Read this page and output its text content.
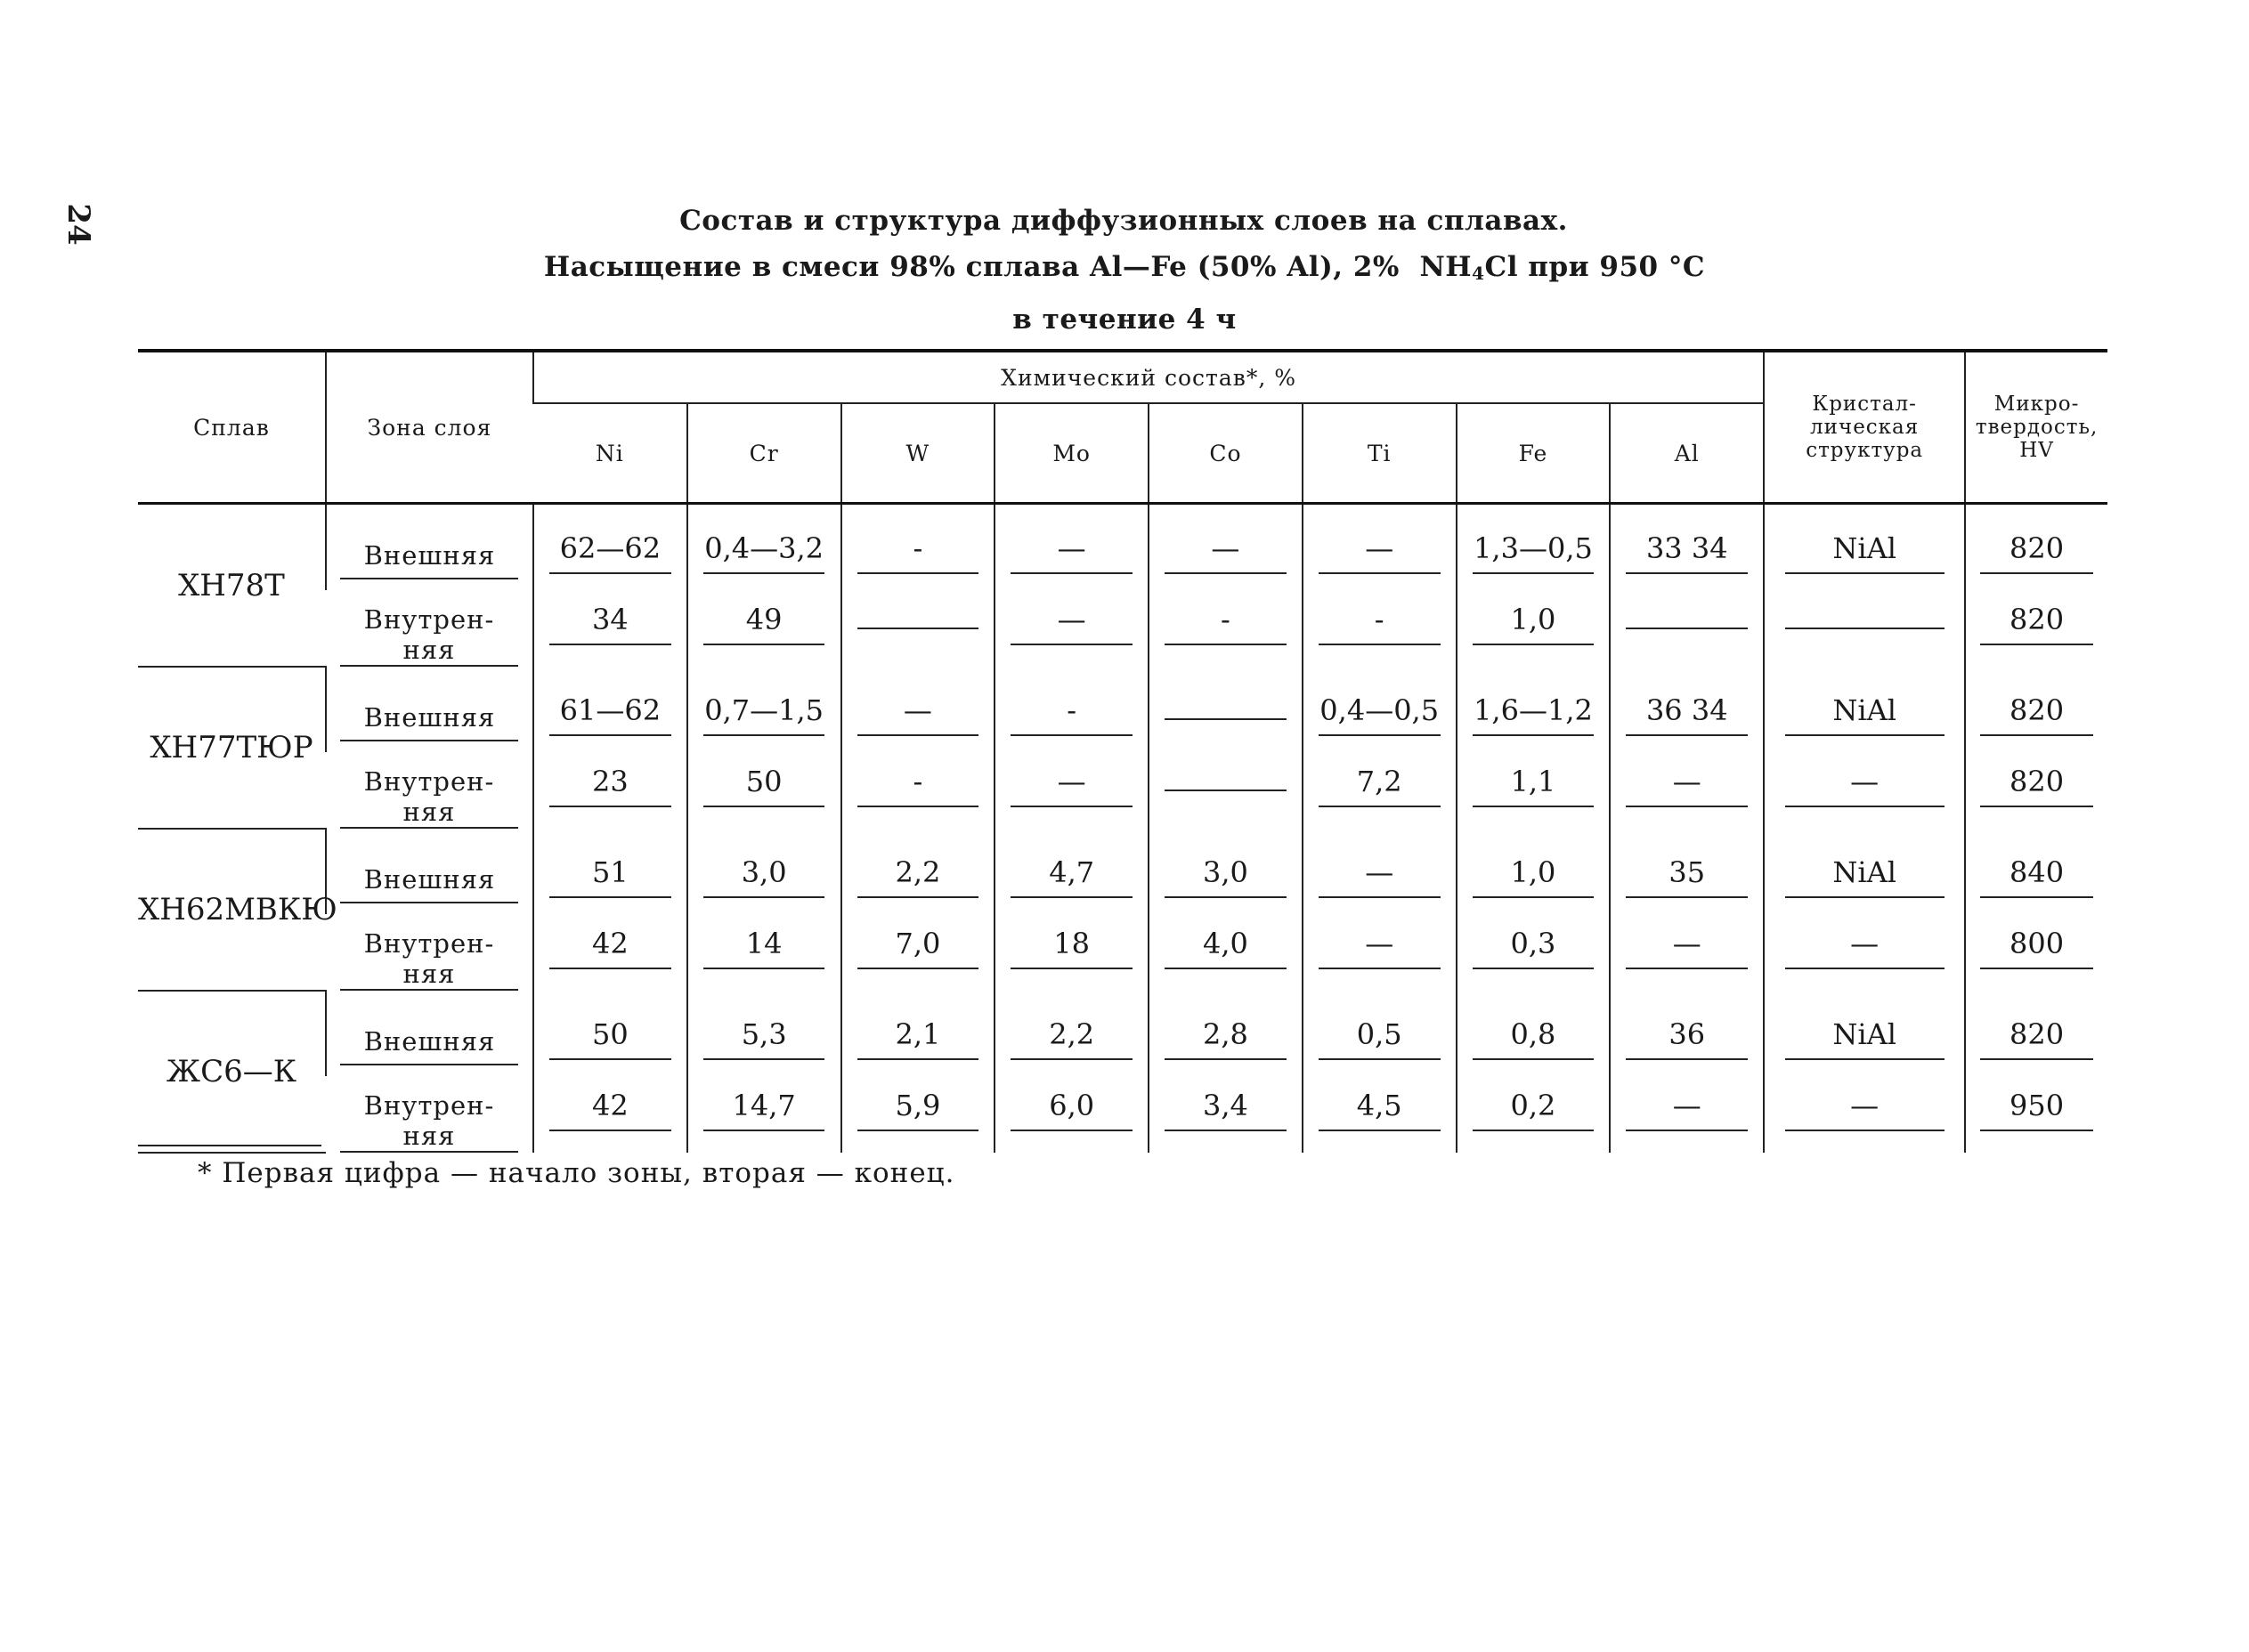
24	Состав и структура диффузионных слоев на сплавах.
Насыщение в смеси 98% сплава Al—Fe (50% Al), 2% $NH_4Cl$ при 950 °C
в течение 4 ч
Сплав	Зона слоя	Химический состав*, %								Кристал-
лическая
структура	Микро-
твердость,
HV
		Ni	Cr	W	Mo	Co	Ti	Fe	Al		
ХН78Т	Внешняя	62—62	0,4—3,2	-	—	—	—	1,3—0,5	33 34	NiAl	820
	Внутрен-
няя	34	49		—	-	-	1,0			820
ХН77ТЮР	Внешняя	61—62	0,7—1,5	—	-		0,4—0,5	1,6—1,2	36 34	NiAl	820
	Внутрен-
няя	23	50	-	—		7,2	1,1	—	—	820
ХН62МВКЮ	Внешняя	51	3,0	2,2	4,7	3,0	—	1,0	35	NiAl	840
	Внутрен-
няя	42	14	7,0	18	4,0	—	0,3	—	—	800
ЖС6—К	Внешняя	50	5,3	2,1	2,2	2,8	0,5	0,8	36	NiAl	820
	Внутрен-
няя	42	14,7	5,9	6,0	3,4	4,5	0,2	—	—	950
* Первая цифра — начало зоны, вторая — конец.
